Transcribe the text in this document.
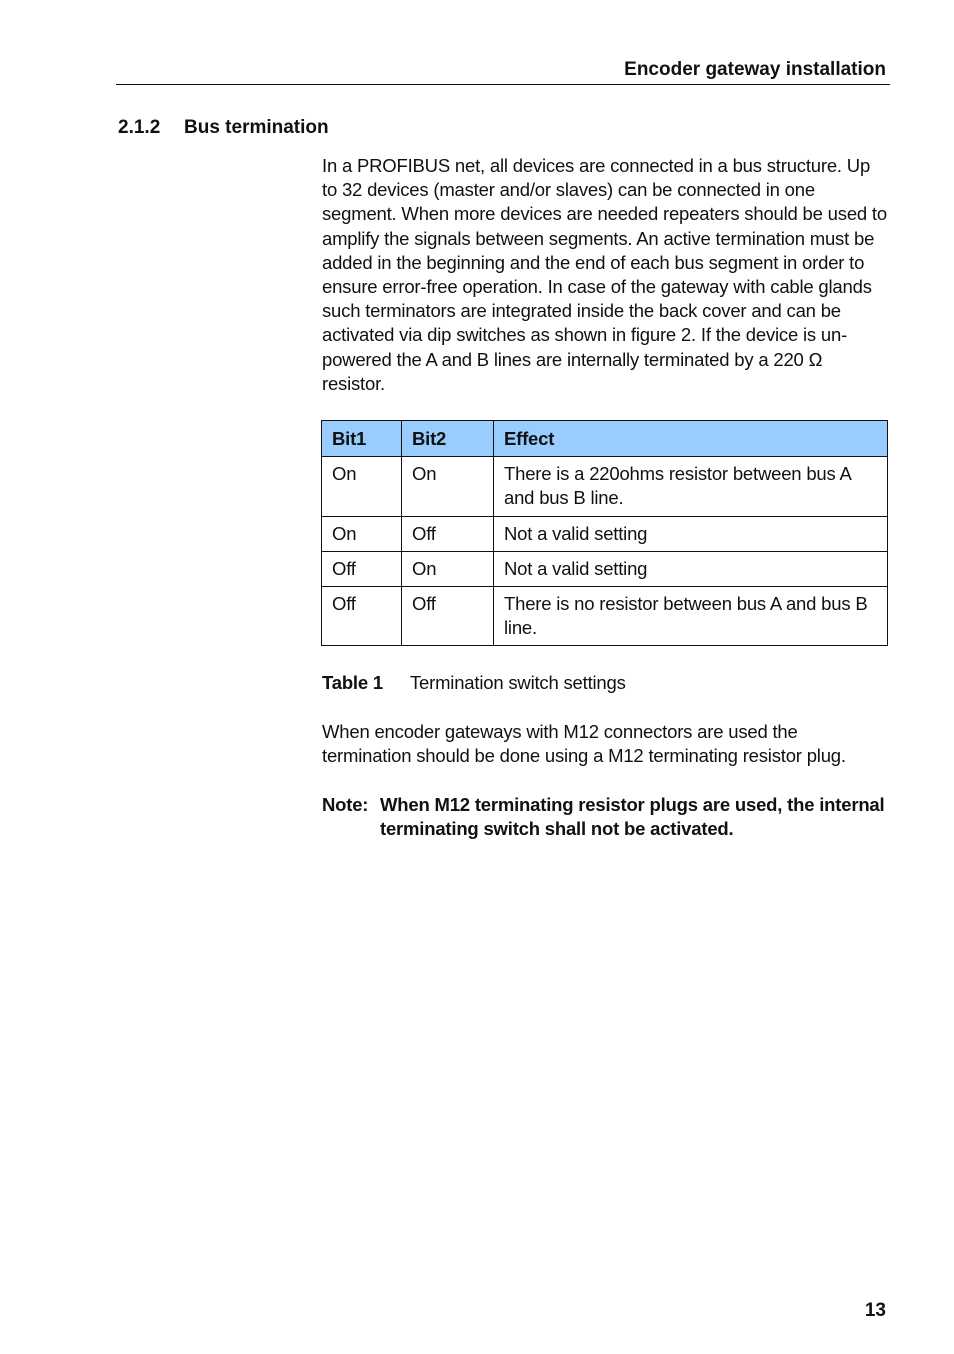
Encoder gateway installation
2.1.2 Bus termination
In a PROFIBUS net, all devices are connected in a bus structure. Up to 32 devices (master and/or slaves) can be connected in one segment. When more devices are needed repeaters should be used to amplify the signals between segments. An active termination must be added in the beginning and the end of each bus segment in order to ensure error-free operation. In case of the gateway with cable glands such terminators are integrated inside the back cover and can be activated via dip switches as shown in figure 2. If the device is un-powered the A and B lines are internally terminated by a 220 Ω resistor.
Bit1	Bit2	Effect
On	On	There is a 220ohms resistor between bus A and bus B line.
On	Off	Not a valid setting
Off	On	Not a valid setting
Off	Off	There is no resistor between bus A and bus B line.
Table 1 Termination switch settings
When encoder gateways with M12 connectors are used the termination should be done using a M12 terminating resistor plug.
Note: When M12 terminating resistor plugs are used, the internal terminating switch shall not be activated.
13
